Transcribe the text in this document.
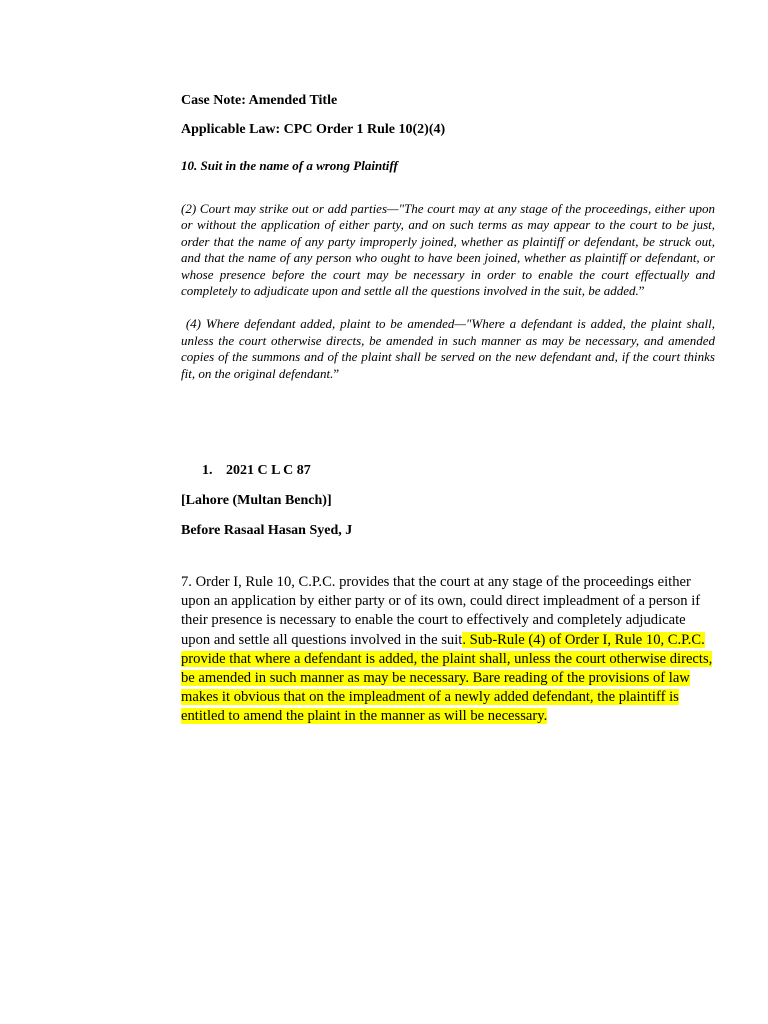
Case Note: Amended Title

Applicable Law: CPC Order 1 Rule 10(2)(4)

10. Suit in the name of a wrong Plaintiff

(2) Court may strike out or add parties—"The court may at any stage of the proceedings, either upon or without the application of either party, and on such terms as may appear to the court to be just, order that the name of any party improperly joined, whether as plaintiff or defendant, be struck out, and that the name of any person who ought to have been joined, whether as plaintiff or defendant, or whose presence before the court may be necessary in order to enable the court effectually and completely to adjudicate upon and settle all the questions involved in the suit, be added.”

(4) Where defendant added, plaint to be amended—"Where a defendant is added, the plaint shall, unless the court otherwise directs, be amended in such manner as may be necessary, and amended copies of the summons and of the plaint shall be served on the new defendant and, if the court thinks fit, on the original defendant.”

1. 2021 C L C 87

[Lahore (Multan Bench)]

Before Rasaal Hasan Syed, J

7. Order I, Rule 10, C.P.C. provides that the court at any stage of the proceedings either upon an application by either party or of its own, could direct impleadment of a person if their presence is necessary to enable the court to effectively and completely adjudicate upon and settle all questions involved in the suit. Sub-Rule (4) of Order I, Rule 10, C.P.C. provide that where a defendant is added, the plaint shall, unless the court otherwise directs, be amended in such manner as may be necessary. Bare reading of the provisions of law makes it obvious that on the impleadment of a newly added defendant, the plaintiff is entitled to amend the plaint in the manner as will be necessary.
